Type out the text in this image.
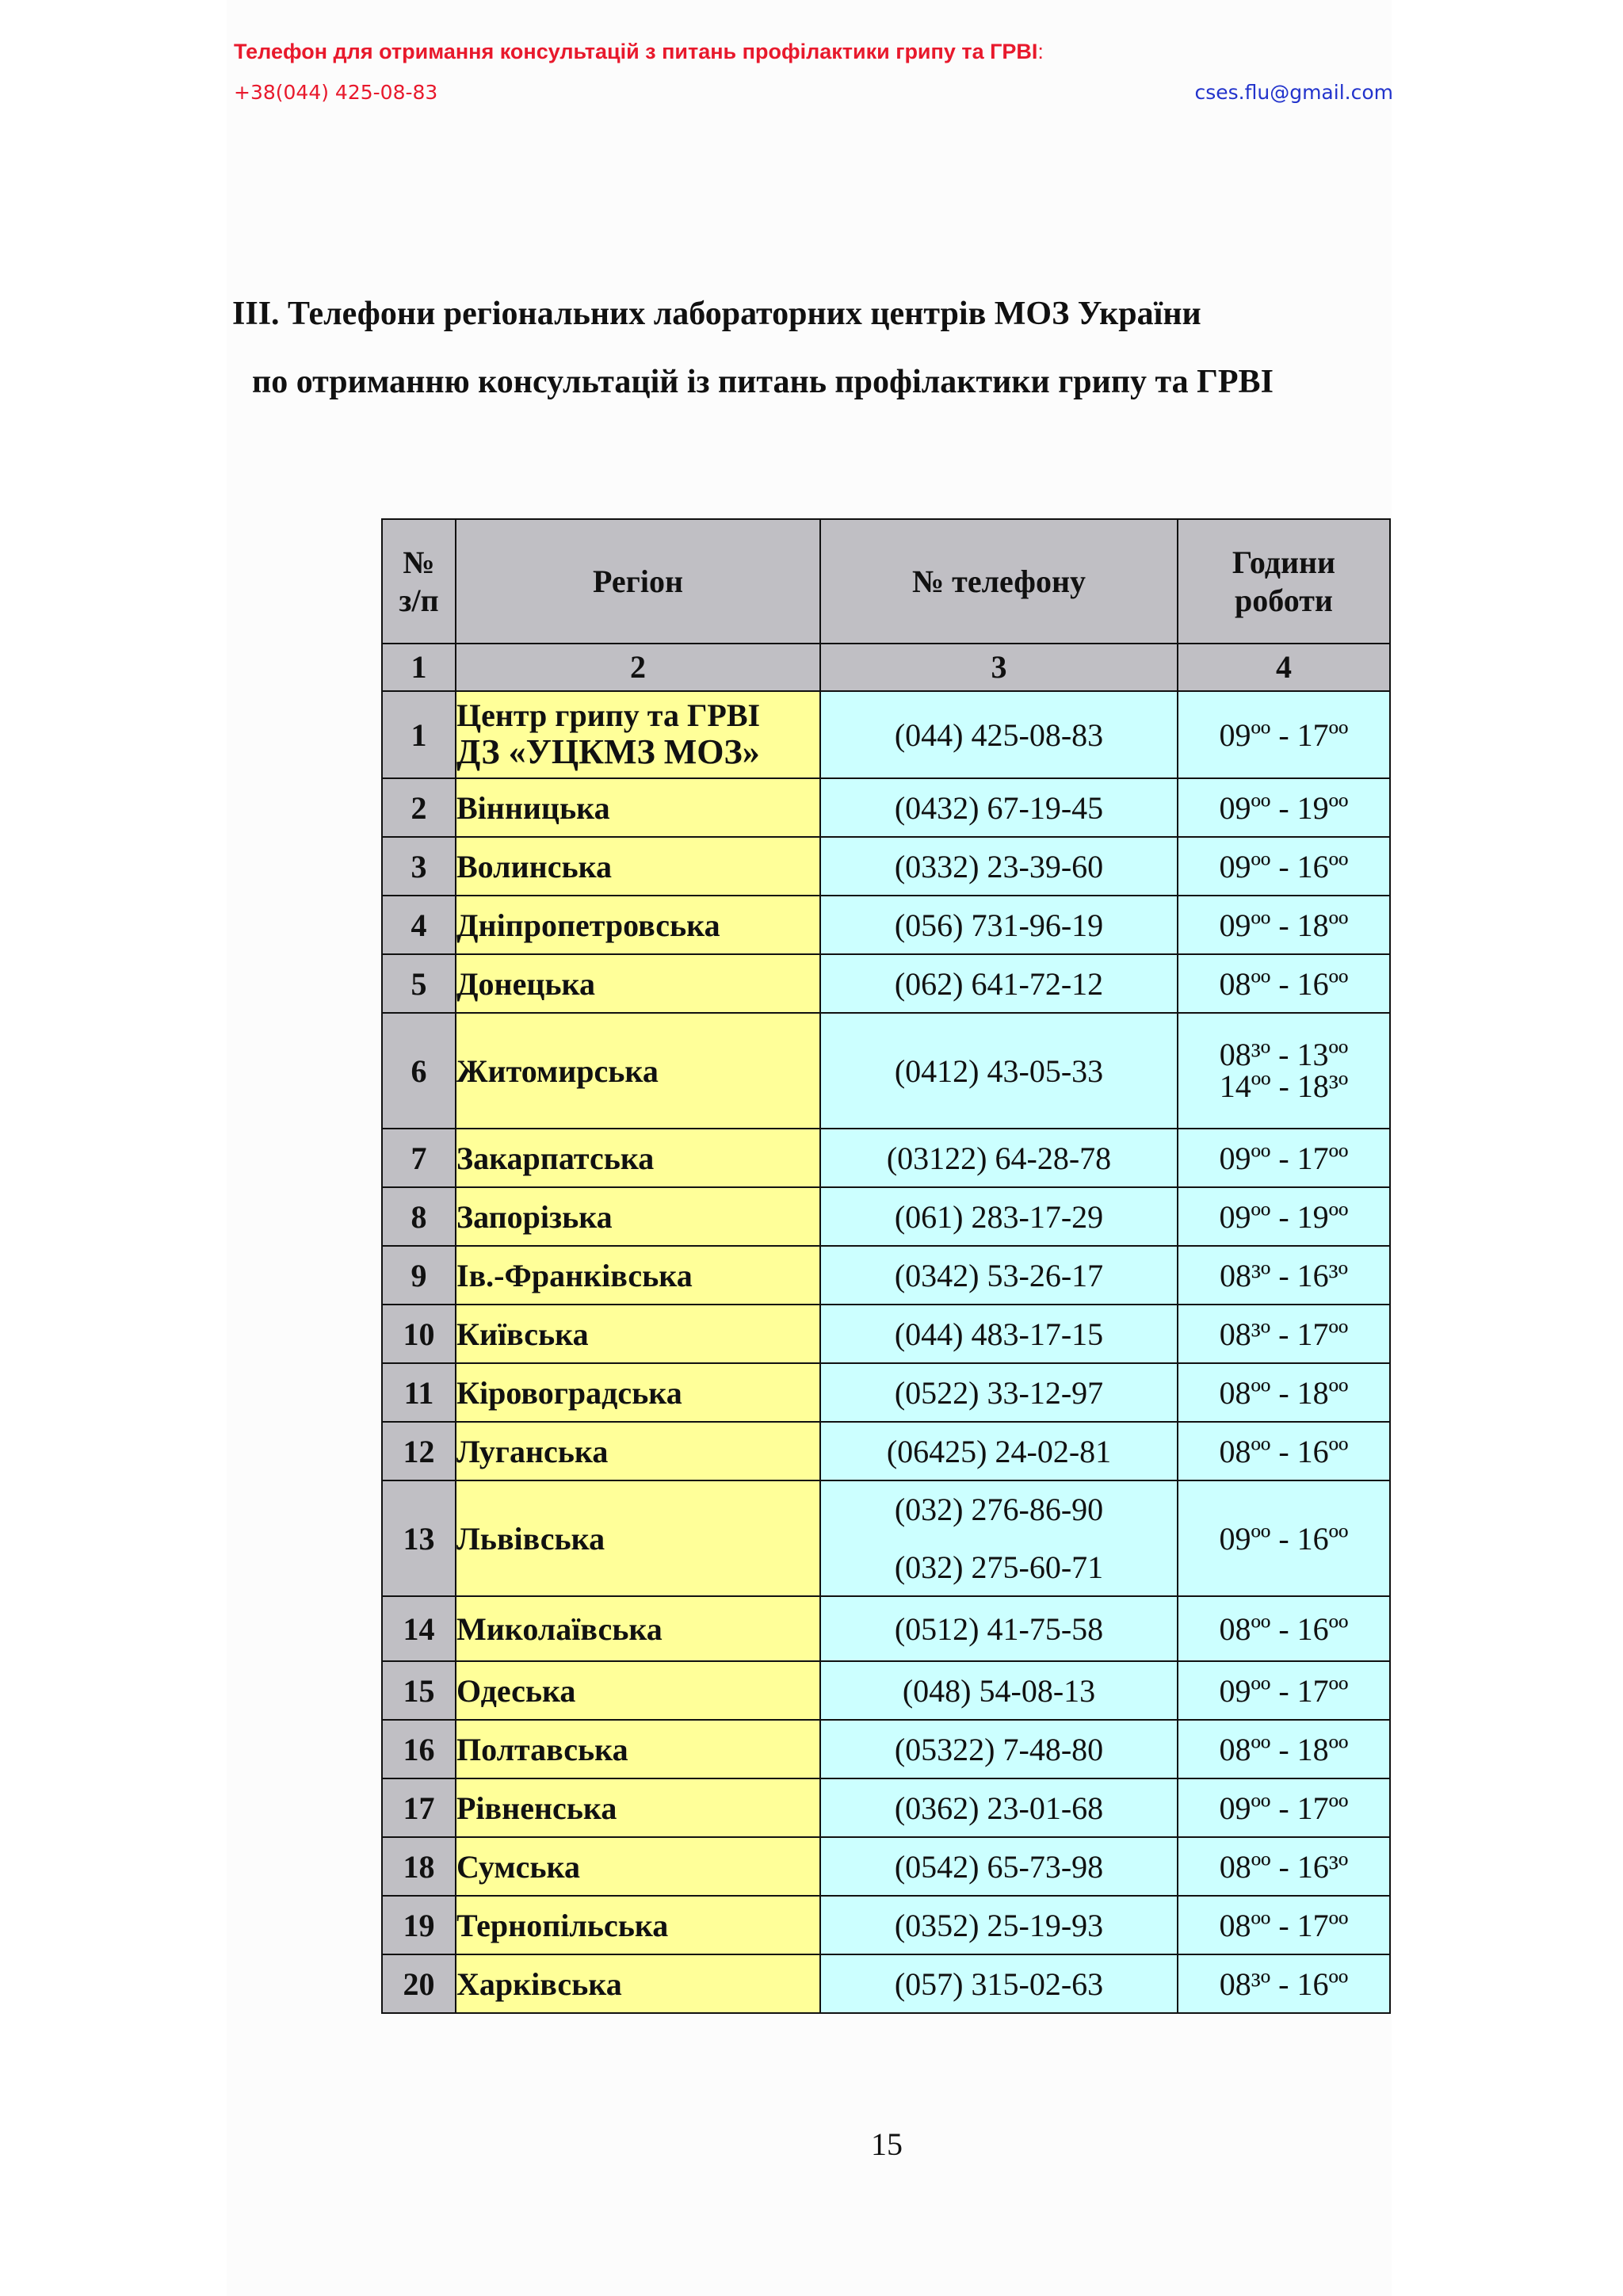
Телефон для отримання консультацій з питань профілактики грипу та ГРВІ:
+38(044) 425-08-83	cses.flu@gmail.com
III. Телефони регіональних лабораторних центрів МОЗ України
по отриманню консультацій із питань профілактики грипу та ГРВІ
№
з/п	Регіон	№ телефону	Години
роботи
1	2	3	4
1	Центр грипу та ГРВІ
ДЗ «УЦКМЗ МОЗ»	(044) 425-08-83	09ºº - 17ºº
2	Вінницька	(0432) 67-19-45	09ºº - 19ºº
3	Волинська	(0332) 23-39-60	09ºº - 16ºº
4	Дніпропетровська	(056) 731-96-19	09ºº - 18ºº
5	Донецька	(062) 641-72-12	08ºº - 16ºº
6	Житомирська	(0412) 43-05-33	08³º - 13ºº
14ºº - 18³º

7	Закарпатська	(03122) 64-28-78	09ºº - 17ºº
8	Запорізька	(061) 283-17-29	09ºº - 19ºº
9	Ів.-Франківська	(0342) 53-26-17	08³º - 16³º
10	Київська	(044) 483-17-15	08³º - 17ºº
11	Кіровоградська	(0522) 33-12-97	08ºº - 18ºº
12	Луганська	(06425) 24-02-81	08ºº - 16ºº
13	Львівська	(032) 276-86-90
(032) 275-60-71	09ºº - 16ºº
14	Миколаївська	(0512) 41-75-58	08ºº - 16ºº
15	Одеська	(048) 54-08-13	09ºº - 17ºº
16	Полтавська	(05322) 7-48-80	08ºº - 18ºº
17	Рівненська	(0362) 23-01-68	09ºº - 17ºº
18	Сумська	(0542) 65-73-98	08ºº - 16³º
19	Тернопільська	(0352) 25-19-93	08ºº - 17ºº
20	Харківська	(057) 315-02-63	08³º - 16ºº
15
